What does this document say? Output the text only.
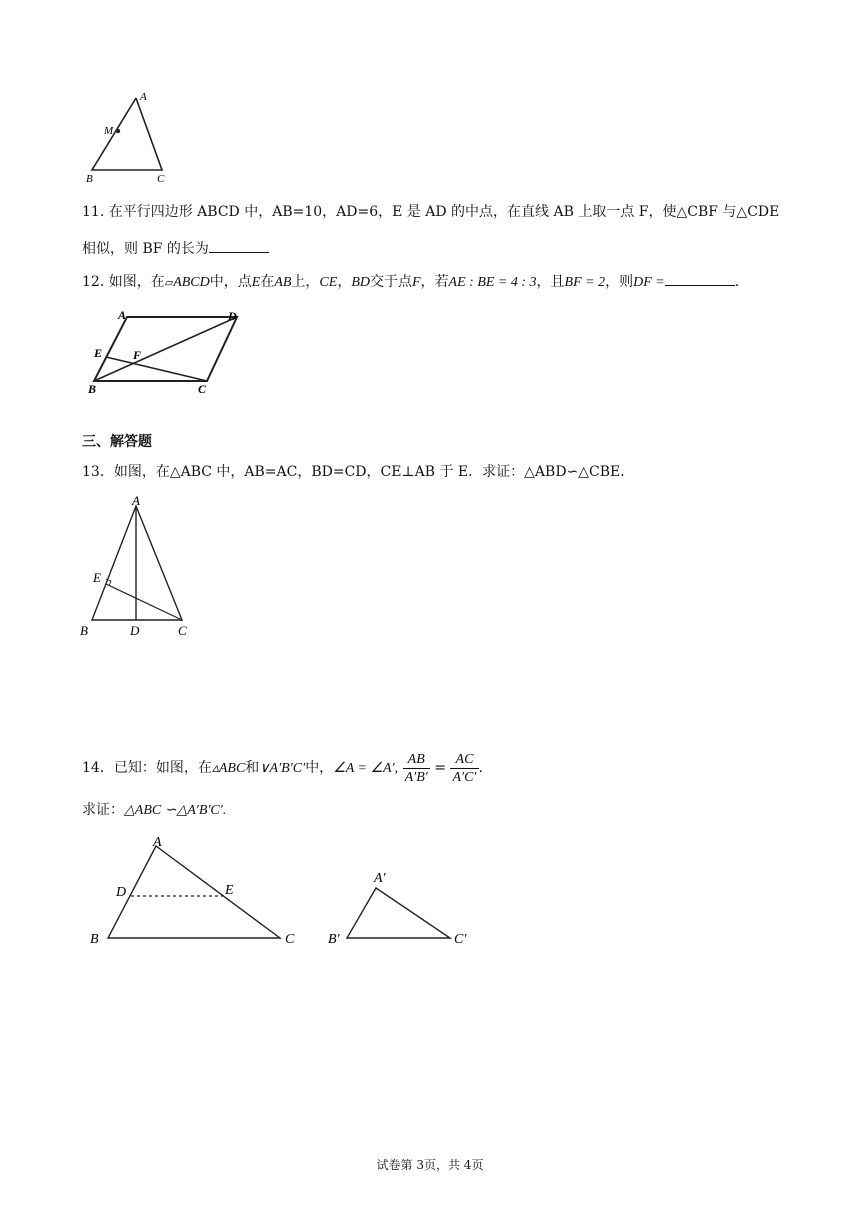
A
M
B	C
11. 在平行四边形 ABCD 中，AB=10，AD=6，E 是 AD 的中点，在直线 AB 上取一点 F，使△CBF 与△CDE
相似，则 BF 的长为
12. 如图，在▱ABCD中，点E在AB上，CE，BD交于点F，若AE : BE = 4 : 3，且BF = 2，则DF =	.
A	D
E	F
B	C
三、解答题
13．如图，在△ABC 中，AB=AC，BD=CD，CE⊥AB 于 E．求证：△ABD∽△CBE．
A
E
B	D	C
14．已知：如图，在▵ABC和∨A′B′C′中，∠A = ∠A′, $\frac{AB}{A'B'} = \frac{AC}{A'C'}$ .
求证：△ABC ∽△A′B′C′.
A
D	E
B	C
A′
B′	C′
试卷第 3页，共 4页
